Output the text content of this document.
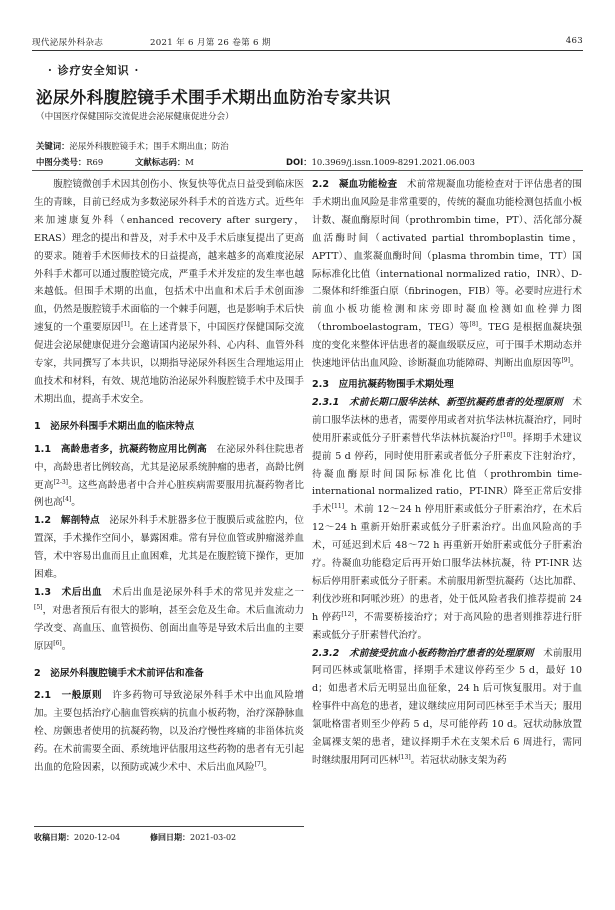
现代泌尿外科杂志	2021 年 6 月第 26 卷第 6 期	463
· 诊疗安全知识 ·
泌尿外科腹腔镜手术围手术期出血防治专家共识
（中国医疗保健国际交流促进会泌尿健康促进分会）
关键词：泌尿外科腹腔镜手术；围手术期出血；防治
中图分类号：R69	文献标志码：M	DOI：10.3969/j.issn.1009-8291.2021.06.003

腹腔镜微创手术因其创伤小、恢复快等优点日益受到临床医生的青睐，目前已经成为多数泌尿外科手术的首选方式。近些年来加速康复外科（enhanced recovery after surgery，ERAS）理念的提出和普及，对手术中及手术后康复提出了更高的要求。随着手术医师技术的日益提高，越来越多的高难度泌尿外科手术都可以通过腹腔镜完成，严重手术并发症的发生率也越来越低。但围手术期的出血，包括术中出血和术后手术创面渗血，仍然是腹腔镜手术面临的一个棘手问题，也是影响手术后快速复的一个重要原因[1]。在上述背景下，中国医疗保健国际交流促进会泌尿健康促进分会邀请国内泌尿外科、心内科、血管外科专家，共同撰写了本共识，以期指导泌尿外科医生合理地运用止血技术和材料，有效、规范地防治泌尿外科腹腔镜手术中及围手术期出血，提高手术安全。

1　泌尿外科围手术期出血的临床特点

1.1　高龄患者多，抗凝药物应用比例高　 在泌尿外科住院患者中，高龄患者比例较高，尤其是泌尿系统肿瘤的患者，高龄比例更高[2-3]。这些高龄患者中合并心脏疾病需要服用抗凝药物者比例也高[4]。

1.2　解剖特点　 泌尿外科手术脏器多位于腹膜后或盆腔内，位置深，手术操作空间小，暴露困难。常有异位血管或肿瘤滋养血管，术中容易出血而且止血困难，尤其是在腹腔镜下操作，更加困难。

1.3　术后出血　 术后出血是泌尿外科手术的常见并发症之一[5]，对患者预后有很大的影响，甚至会危及生命。术后血流动力学改变、高血压、血管损伤、创面出血等是导致术后出血的主要原因[6]。

2　泌尿外科腹腔镜手术术前评估和准备

2.1　一般原则　 许多药物可导致泌尿外科手术中出血风险增加。主要包括治疗心脑血管疾病的抗血小板药物，治疗深静脉血栓、房颤患者使用的抗凝药物，以及治疗慢性疼痛的非甾体抗炎药。在术前需要全面、系统地评估服用这些药物的患者有无引起出血的危险因素，以预防或减少术中、术后出血风险[7]。

2.2　凝血功能检查　 术前常规凝血功能检查对于评估患者的围手术期出血风险是非常重要的，传统的凝血功能检测包括血小板计数、凝血酶原时间（prothrombin time，PT）、活化部分凝血活酶时间（activated partial thromboplastin time，APTT）、血浆凝血酶时间（plasma thrombin time，TT）国际标准化比值（international normalized ratio，INR）、D-二聚体和纤维蛋白原（fibrinogen，FIB）等。必要时应进行术前血小板功能检测和床旁即时凝血检测如血栓弹力图（thromboelastogram，TEG）等[8]。TEG 是根据血凝块强度的变化来整体评估患者的凝血级联反应，可于围手术期动态并快速地评估出血风险、诊断凝血功能障碍、判断出血原因等[9]。

2.3　应用抗凝药物围手术期处理

2.3.1　术前长期口服华法林、新型抗凝药患者的处理原则　 术前口服华法林的患者，需要停用或者对抗华法林抗凝治疗，同时使用肝素或低分子肝素替代华法林抗凝治疗[10]。择期手术建议提前 5 d 停药，同时使用肝素或者低分子肝素皮下注射治疗，待凝血酶原时间国际标准化比值（prothrombin time-international normalized ratio，PT-INR）降至正常后安排手术[11]。术前 12～24 h 停用肝素或低分子肝素治疗，在术后 12～24 h 重新开始肝素或低分子肝素治疗。出血风险高的手术，可延迟到术后 48～72 h 再重新开始肝素或低分子肝素治疗。待凝血功能稳定后再开始口服华法林抗凝，待 PT-INR 达标后停用肝素或低分子肝素。术前服用新型抗凝药（达比加群、利伐沙班和阿哌沙班）的患者，处于低风险者我们推荐提前 24 h 停药[12]，不需要桥接治疗；对于高风险的患者则推荐进行肝素或低分子肝素替代治疗。

2.3.2　术前接受抗血小板药物治疗患者的处理原则　 术前服用阿司匹林或氯吡格雷，择期手术建议停药至少 5 d，最好 10 d；如患者术后无明显出血征象，24 h 后可恢复服用。对于血栓事件中高危的患者，建议继续应用阿司匹林至手术当天；服用氯吡格雷者则至少停药 5 d，尽可能停药 10 d。冠状动脉放置金属裸支架的患者，建议择期手术在支架术后 6 周进行，需同时继续服用阿司匹林[13]。若冠状动脉支架为药

收稿日期：2020-12-04	修回日期：2021-03-02
